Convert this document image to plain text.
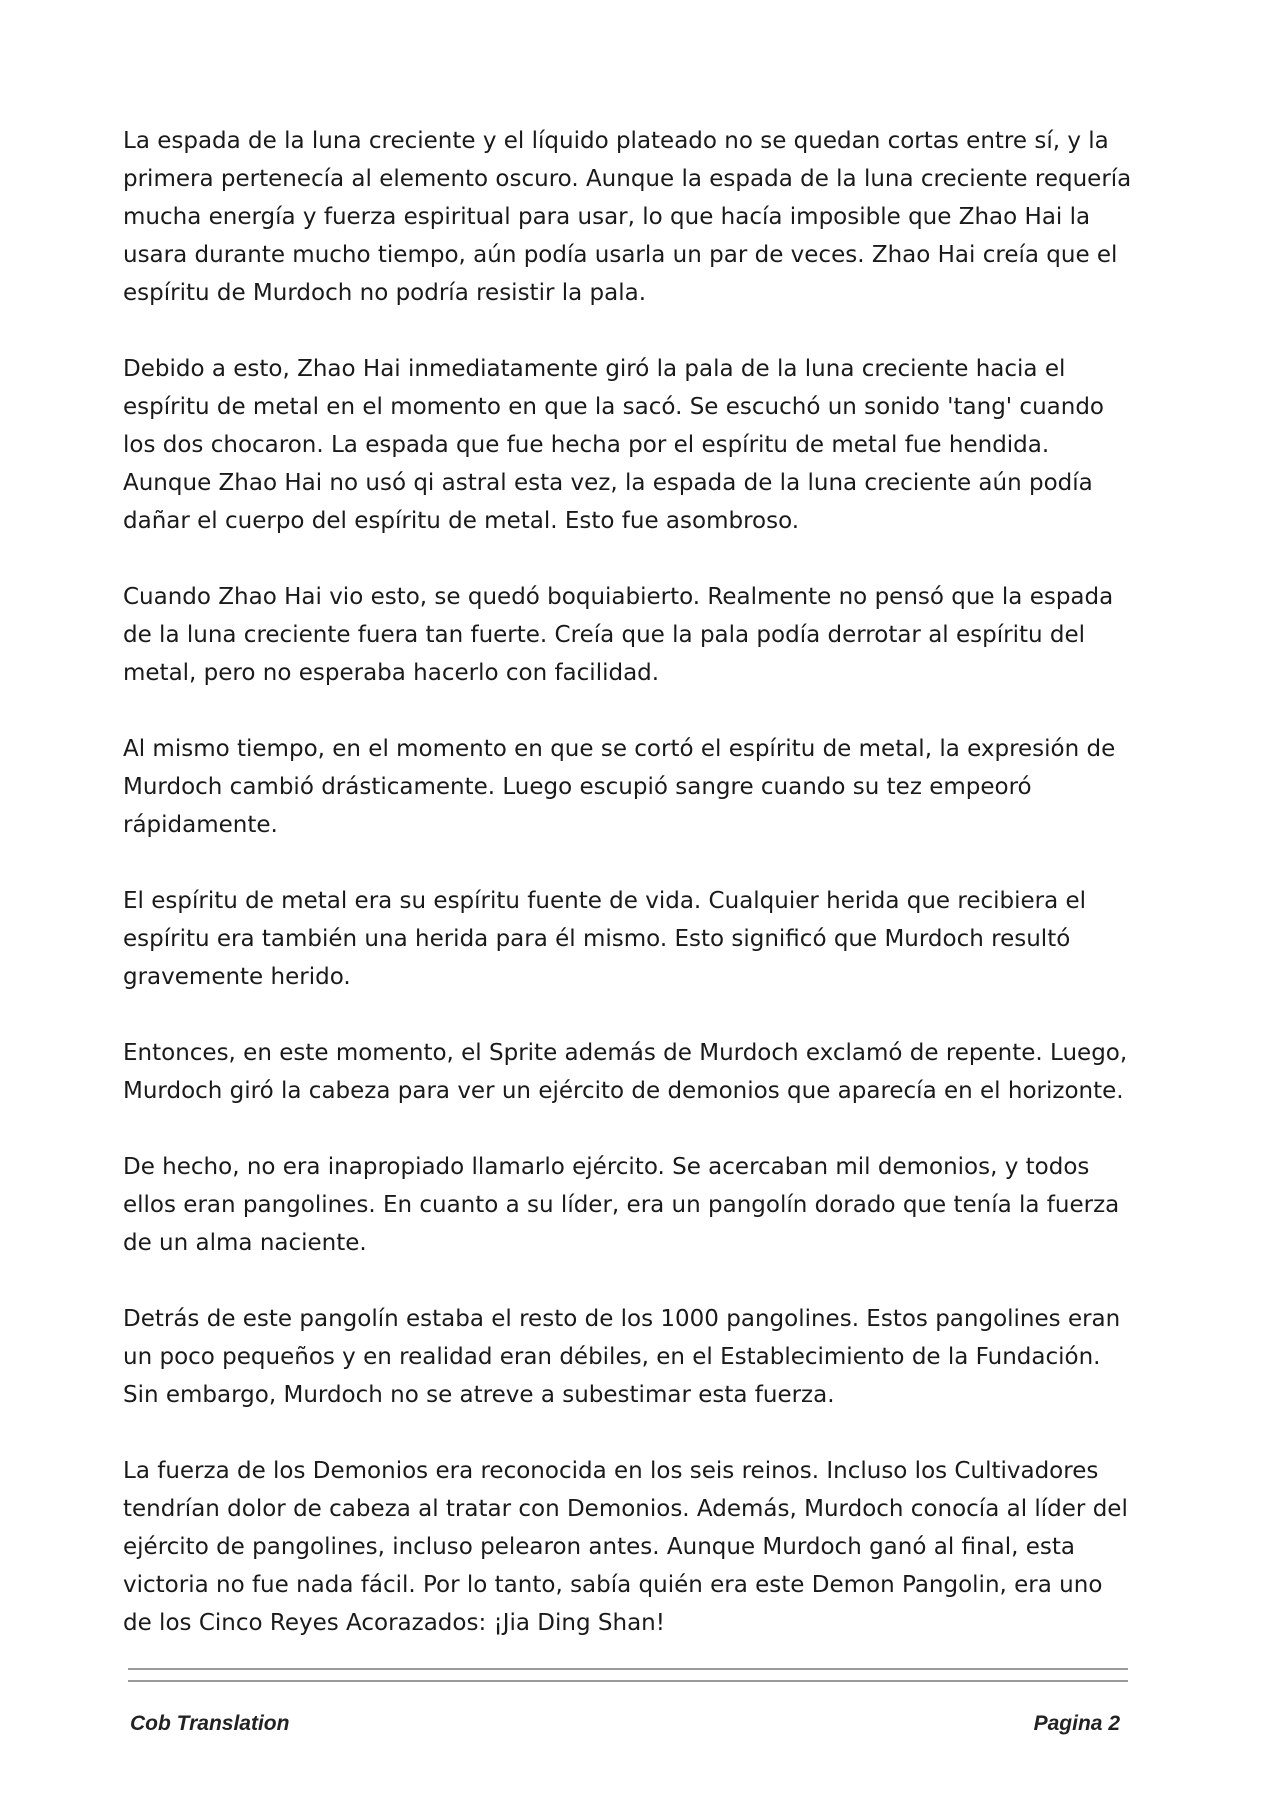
La espada de la luna creciente y el líquido plateado no se quedan cortas entre sí, y la primera pertenecía al elemento oscuro. Aunque la espada de la luna creciente requería mucha energía y fuerza espiritual para usar, lo que hacía imposible que Zhao Hai la usara durante mucho tiempo, aún podía usarla un par de veces. Zhao Hai creía que el espíritu de Murdoch no podría resistir la pala.

Debido a esto, Zhao Hai inmediatamente giró la pala de la luna creciente hacia el espíritu de metal en el momento en que la sacó. Se escuchó un sonido 'tang' cuando los dos chocaron. La espada que fue hecha por el espíritu de metal fue hendida. Aunque Zhao Hai no usó qi astral esta vez, la espada de la luna creciente aún podía dañar el cuerpo del espíritu de metal. Esto fue asombroso.

Cuando Zhao Hai vio esto, se quedó boquiabierto. Realmente no pensó que la espada de la luna creciente fuera tan fuerte. Creía que la pala podía derrotar al espíritu del metal, pero no esperaba hacerlo con facilidad.

Al mismo tiempo, en el momento en que se cortó el espíritu de metal, la expresión de Murdoch cambió drásticamente. Luego escupió sangre cuando su tez empeoró rápidamente.

El espíritu de metal era su espíritu fuente de vida. Cualquier herida que recibiera el espíritu era también una herida para él mismo. Esto significó que Murdoch resultó gravemente herido.

Entonces, en este momento, el Sprite además de Murdoch exclamó de repente. Luego, Murdoch giró la cabeza para ver un ejército de demonios que aparecía en el horizonte.

De hecho, no era inapropiado llamarlo ejército. Se acercaban mil demonios, y todos ellos eran pangolines. En cuanto a su líder, era un pangolín dorado que tenía la fuerza de un alma naciente.

Detrás de este pangolín estaba el resto de los 1000 pangolines. Estos pangolines eran un poco pequeños y en realidad eran débiles, en el Establecimiento de la Fundación. Sin embargo, Murdoch no se atreve a subestimar esta fuerza.

La fuerza de los Demonios era reconocida en los seis reinos. Incluso los Cultivadores tendrían dolor de cabeza al tratar con Demonios. Además, Murdoch conocía al líder del ejército de pangolines, incluso pelearon antes. Aunque Murdoch ganó al final, esta victoria no fue nada fácil. Por lo tanto, sabía quién era este Demon Pangolin, era uno de los Cinco Reyes Acorazados: ¡Jia Ding Shan!

Cob Translation	Pagina 2
